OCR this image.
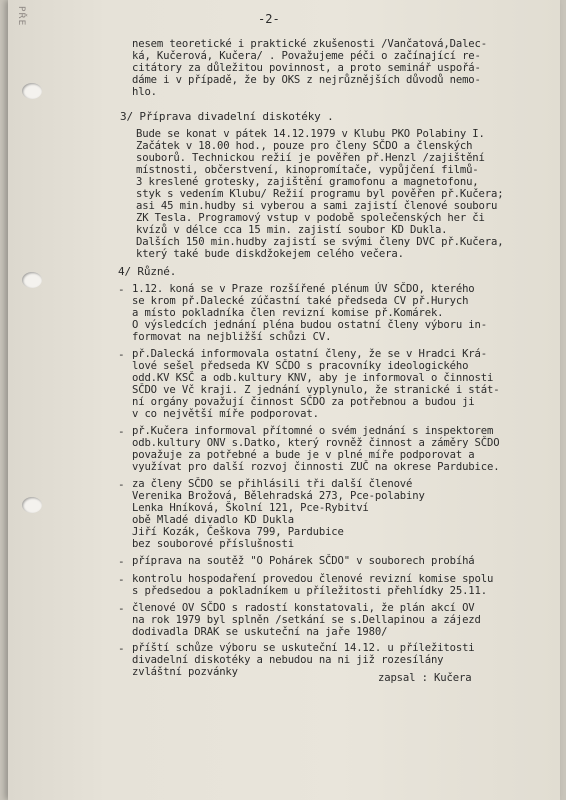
PŘE	-2-
nesem teoretické i praktické zkušenosti /Vančatová,Dalec-
ká, Kučerová, Kučera/ . Považujeme péči o začínající re-
citátory za důležitou povinnost, a proto seminář uspořá-
dáme i v případě, že by OKS z nejrůznějších důvodů nemo-
hlo.
3/ Příprava divadelní diskotéky .
Bude se konat v pátek 14.12.1979 v Klubu PKO Polabiny I.
Začátek v 18.00 hod., pouze pro členy SČDO a členských
souborů. Technickou režií je pověřen př.Henzl /zajištění
místnosti, občerstvení, kinopromítače, vypůjčení filmů-
3 kreslené grotesky, zajištění gramofonu a magnetofonu,
styk s vedením Klubu/ Režií programu byl pověřen př.Kučera;
asi 45 min.hudby si vyberou a sami zajistí členové souboru
ZK Tesla. Programový vstup v podobě společenských her či
kvízů v délce cca 15 min. zajistí soubor KD Dukla.
Dalších 150 min.hudby zajistí se svými členy DVC př.Kučera,
který také bude diskdžokejem celého večera.
4/ Různé.
- 1.12. koná se v Praze rozšířené plénum ÚV SČDO, kterého
se krom př.Dalecké zúčastní také předseda CV př.Hurych
a místo pokladníka člen revizní komise př.Komárek.
O výsledcích jednání pléna budou ostatní členy výboru in-
formovat na nejbližší schůzi CV.
- př.Dalecká informovala ostatní členy, že se v Hradci Krá-
lové sešel předseda KV SČDO s pracovníky ideologického
odd.KV KSČ a odb.kultury KNV, aby je informoval o činnosti
SČDO ve Vč kraji. Z jednání vyplynulo, že stranické i stát-
ní orgány považují činnost SČDO za potřebnou a budou ji
v co největší míře podporovat.
- př.Kučera informoval přítomné o svém jednání s inspektorem
odb.kultury ONV s.Datko, který rovněž činnost a záměry SČDO
považuje za potřebné a bude je v plné míře podporovat a
využívat pro další rozvoj činnosti ZUČ na okrese Pardubice.
- za členy SČDO se přihlásili tři další členové
Verenika Brožová, Bělehradská 273, Pce-polabiny
Lenka Hníková, Školní 121, Pce-Rybitví
obě Mladé divadlo KD Dukla
Jiří Kozák, Češkova 799, Pardubice
bez souborové příslušnosti
- příprava na soutěž "O Pohárek SČDO" v souborech probíhá
- kontrolu hospodaření provedou členové revizní komise spolu
s předsedou a pokladníkem u příležitosti přehlídky 25.11.
- členové OV SČDO s radostí konstatovali, že plán akcí OV
na rok 1979 byl splněn /setkání se s.Dellapinou a zájezd
dodivadla DRAK se uskuteční na jaře 1980/
- příští schůze výboru se uskuteční 14.12. u příležitosti
divadelní diskotéky a nebudou na ni již rozesílány
zvláštní pozvánky	zapsal : Kučera
